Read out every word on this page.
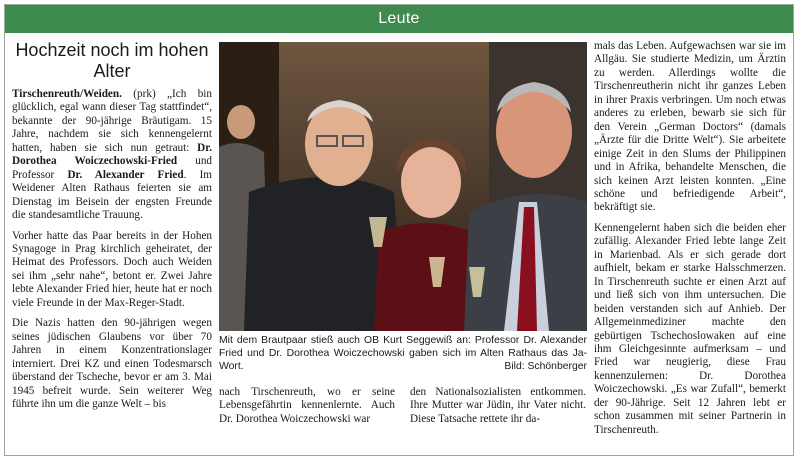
Leute
Hochzeit noch im hohen Alter

Tirschenreuth/Weiden. (prk) „Ich bin glücklich, egal wann dieser Tag stattfindet“, bekannte der 90-jährige Bräutigam. 15 Jahre, nachdem sie sich kennengelernt hatten, haben sie sich nun getraut: Dr. Dorothea Woiczechowski-Fried und Professor Dr. Alexander Fried. Im Weidener Alten Rathaus feierten sie am Dienstag im Beisein der engsten Freunde die standesamtliche Trauung.

Vorher hatte das Paar bereits in der Hohen Synagoge in Prag kirchlich geheiratet, der Heimat des Professors. Doch auch Weiden sei ihm „sehr nahe“, betont er. Zwei Jahre lebte Alexander Fried hier, heute hat er noch viele Freunde in der Max-Reger-Stadt.

Die Nazis hatten den 90-jährigen wegen seines jüdischen Glaubens vor über 70 Jahren in einem Konzentrationslager interniert. Drei KZ und einen Todesmarsch überstand der Tscheche, bevor er am 3. Mai 1945 befreit wurde. Sein weiterer Weg führte ihn um die ganze Welt – bis

Mit dem Brautpaar stieß auch OB Kurt Seggewiß an: Professor Dr. Alexander Fried und Dr. Dorothea Woiczechowski gaben sich im Alten Rathaus das Ja-Wort.	Bild: Schönberger

nach Tirschenreuth, wo er seine Lebensgefährtin kennenlernte. Auch Dr. Dorothea Woiczechowski war

den Nationalsozialisten entkommen. Ihre Mutter war Jüdin, ihr Vater nicht. Diese Tatsache rettete ihr da-

mals das Leben. Aufgewachsen war sie im Allgäu. Sie studierte Medizin, um Ärztin zu werden. Allerdings wollte die Tirschenreutherin nicht ihr ganzes Leben in ihrer Praxis verbringen. Um noch etwas anderes zu erleben, bewarb sie sich für den Verein „German Doctors“ (damals „Ärzte für die Dritte Welt“). Sie arbeitete einige Zeit in den Slums der Philippinen und in Afrika, behandelte Menschen, die sich keinen Arzt leisten konnten. „Eine schöne und befriedigende Arbeit“, bekräftigt sie.

Kennengelernt haben sich die beiden eher zufällig. Alexander Fried lebte lange Zeit in Marienbad. Als er sich gerade dort aufhielt, bekam er starke Halsschmerzen. In Tirschenreuth suchte er einen Arzt auf und ließ sich von ihm untersuchen. Die beiden verstanden sich auf Anhieb. Der Allgemeinmediziner machte den gebürtigen Tschechoslowaken auf eine ihm Gleichgesinnte aufmerksam – und Fried war neugierig, diese Frau kennenzulernen: Dr. Dorothea Woiczechowski. „Es war Zufall“, bemerkt der 90-Jährige. Seit 12 Jahren lebt er schon zusammen mit seiner Partnerin in Tirschenreuth.
